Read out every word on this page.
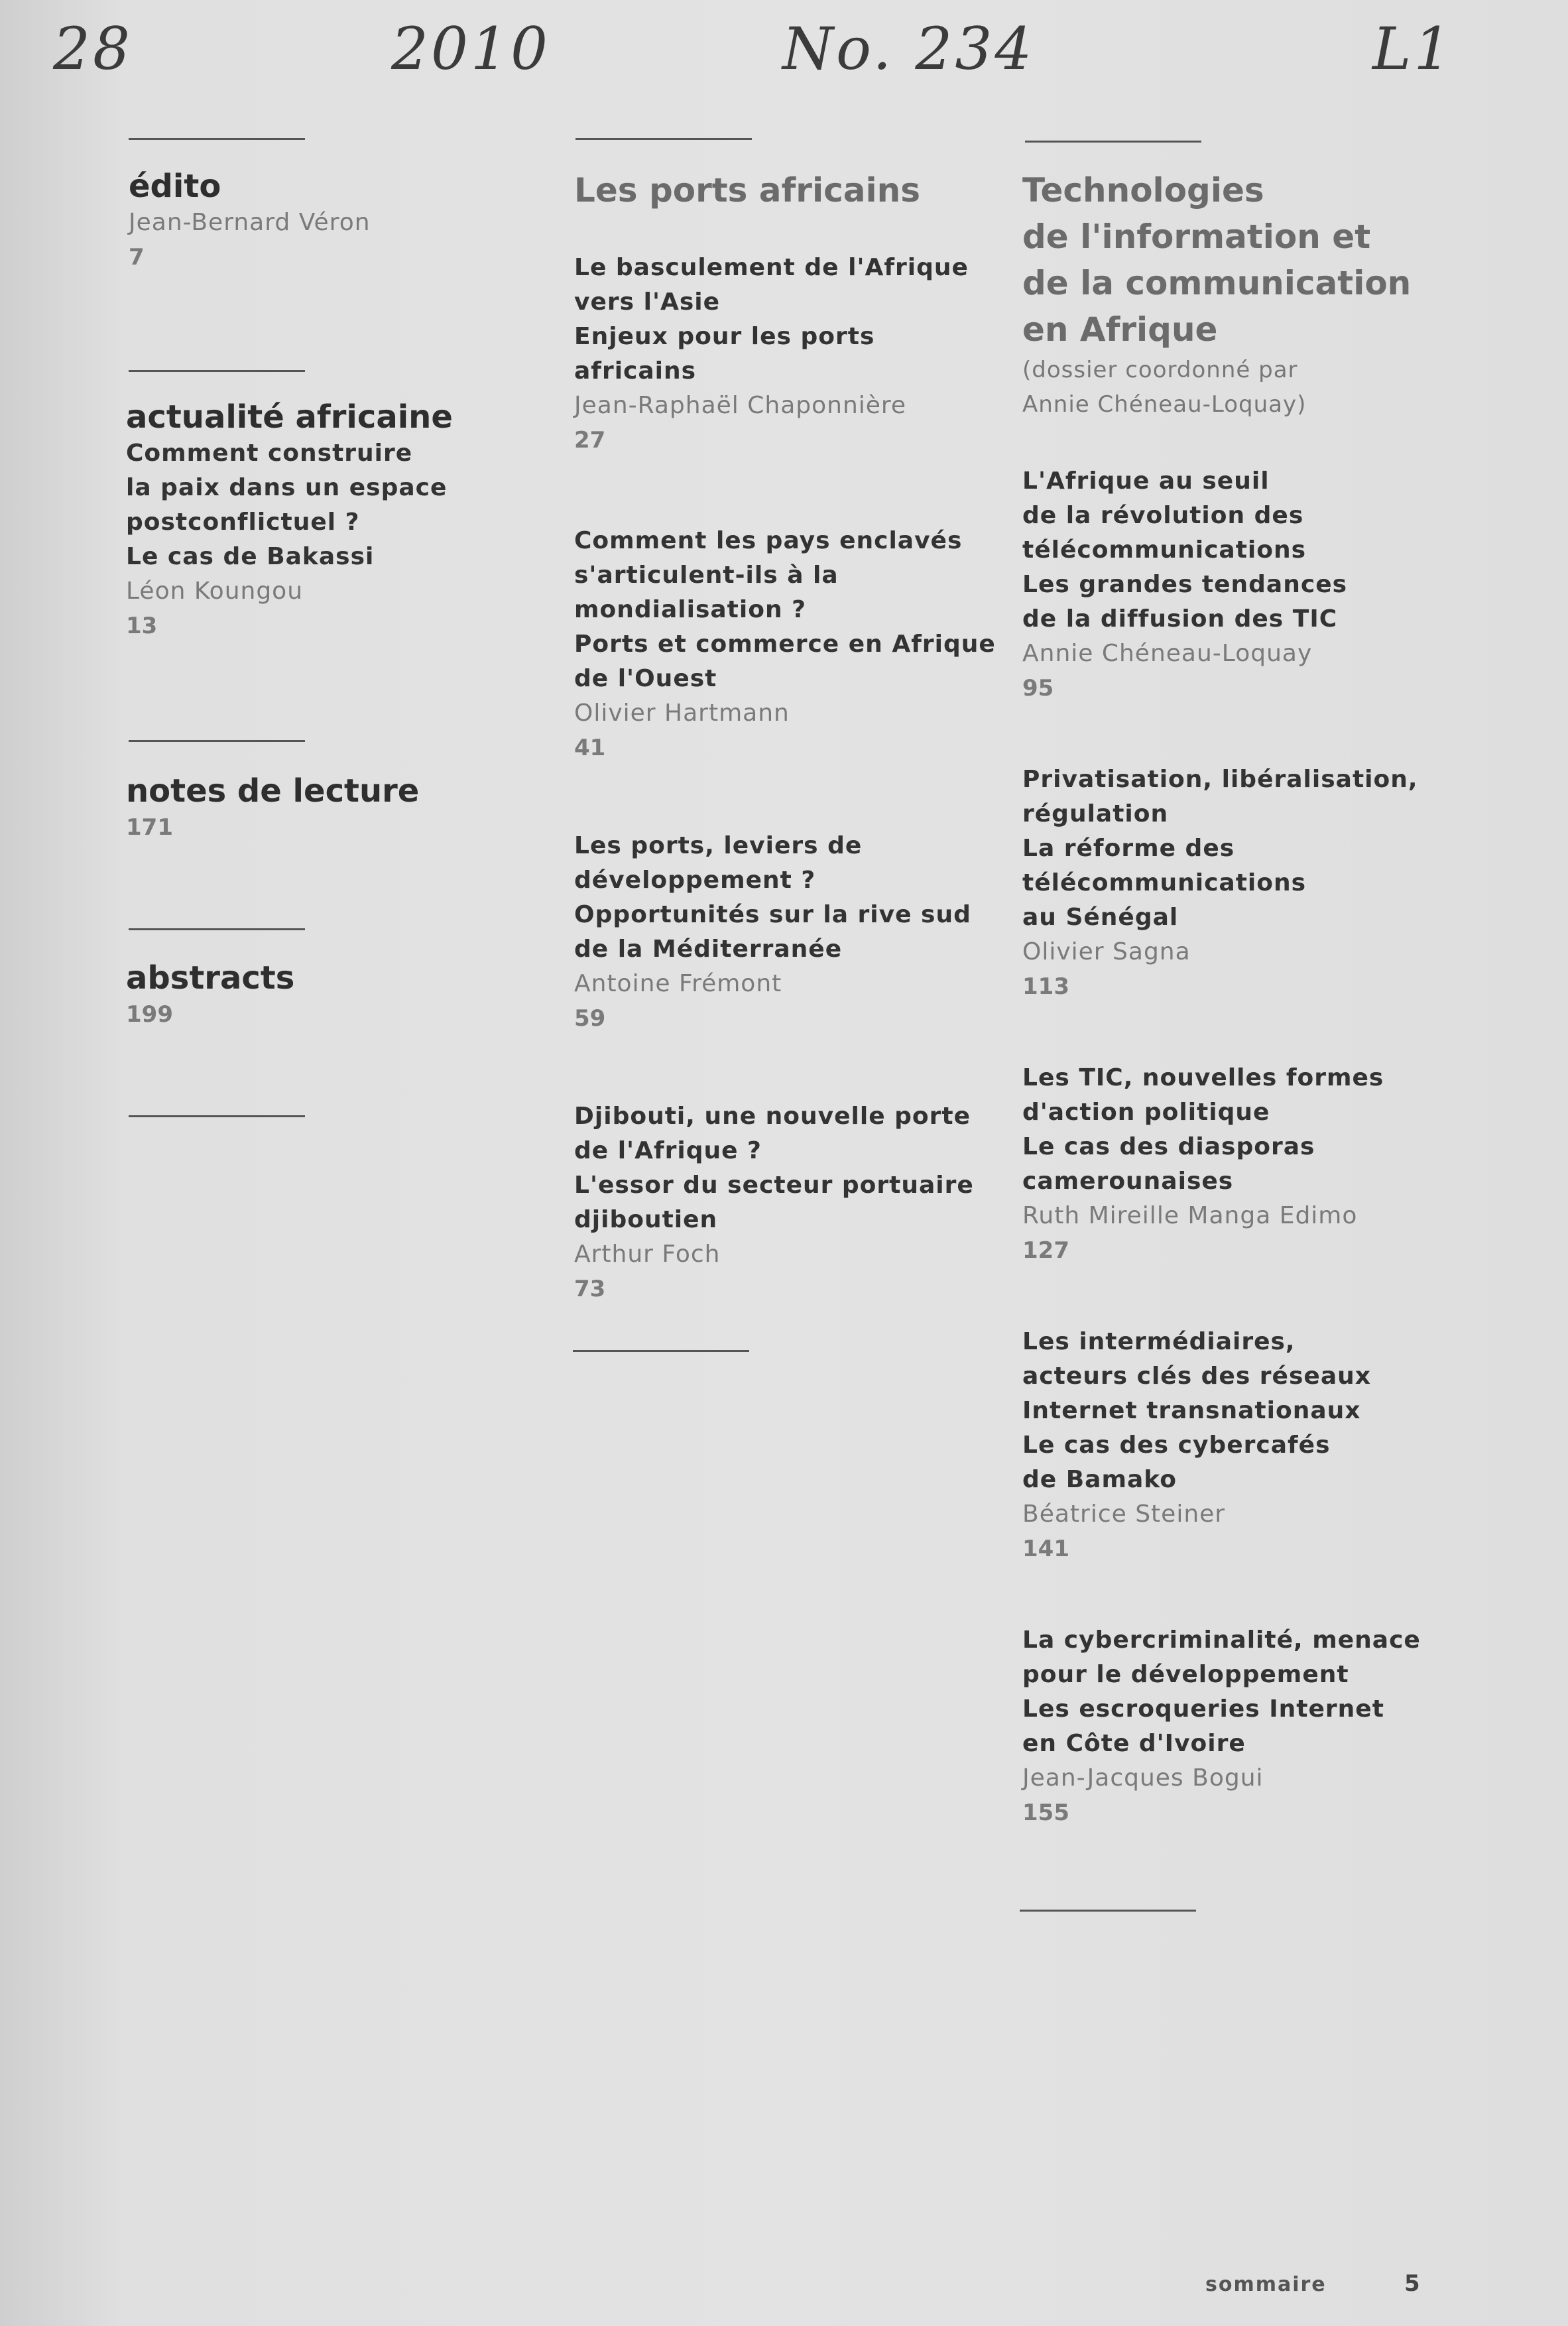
28	2010	No. 234	L1
édito
Jean-Bernard Véron
7
actualité africaine
Comment construire
la paix dans un espace
postconflictuel ?
Le cas de Bakassi
Léon Koungou
13
notes de lecture
171
abstracts
199
Les ports africains
Le basculement de l'Afrique
vers l'Asie
Enjeux pour les ports africains
Jean-Raphaël Chaponnière
27
Comment les pays enclavés
s'articulent-ils à la
mondialisation ?
Ports et commerce en Afrique
de l'Ouest
Olivier Hartmann
41
Les ports, leviers de
développement ?
Opportunités sur la rive sud
de la Méditerranée
Antoine Frémont
59
Djibouti, une nouvelle porte
de l'Afrique ?
L'essor du secteur portuaire
djiboutien
Arthur Foch
73
Technologies
de l'information et
de la communication
en Afrique
(dossier coordonné par
Annie Chéneau-Loquay)
L'Afrique au seuil
de la révolution des
télécommunications
Les grandes tendances
de la diffusion des TIC
Annie Chéneau-Loquay
95
Privatisation, libéralisation,
régulation
La réforme des
télécommunications
au Sénégal
Olivier Sagna
113
Les TIC, nouvelles formes
d'action politique
Le cas des diasporas
camerounaises
Ruth Mireille Manga Edimo
127
Les intermédiaires,
acteurs clés des réseaux
Internet transnationaux
Le cas des cybercafés
de Bamako
Béatrice Steiner
141
La cybercriminalité, menace
pour le développement
Les escroqueries Internet
en Côte d'Ivoire
Jean-Jacques Bogui
155
sommaire	5
